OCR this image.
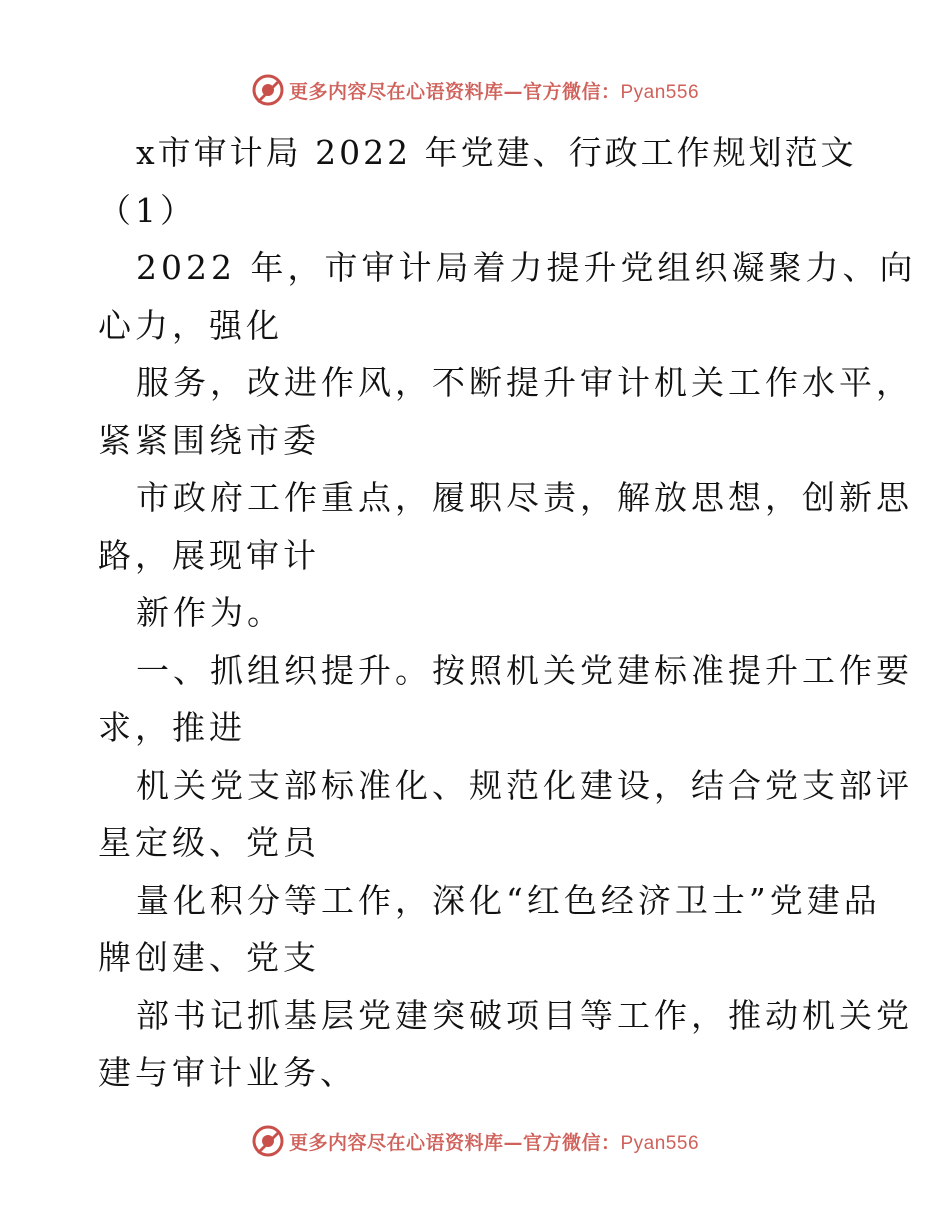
更多内容尽在心语资料库—官方微信：Pyan556
x市审计局 2022 年党建、行政工作规划范文
（1）
2022 年，市审计局着力提升党组织凝聚力、向
心力，强化
服务，改进作风，不断提升审计机关工作水平，
紧紧围绕市委
市政府工作重点，履职尽责，解放思想，创新思
路，展现审计
新作为。
一、抓组织提升。按照机关党建标准提升工作要
求，推进
机关党支部标准化、规范化建设，结合党支部评
星定级、党员
量化积分等工作，深化“红色经济卫士”党建品
牌创建、党支
部书记抓基层党建突破项目等工作，推动机关党
建与审计业务、
更多内容尽在心语资料库—官方微信：Pyan556
